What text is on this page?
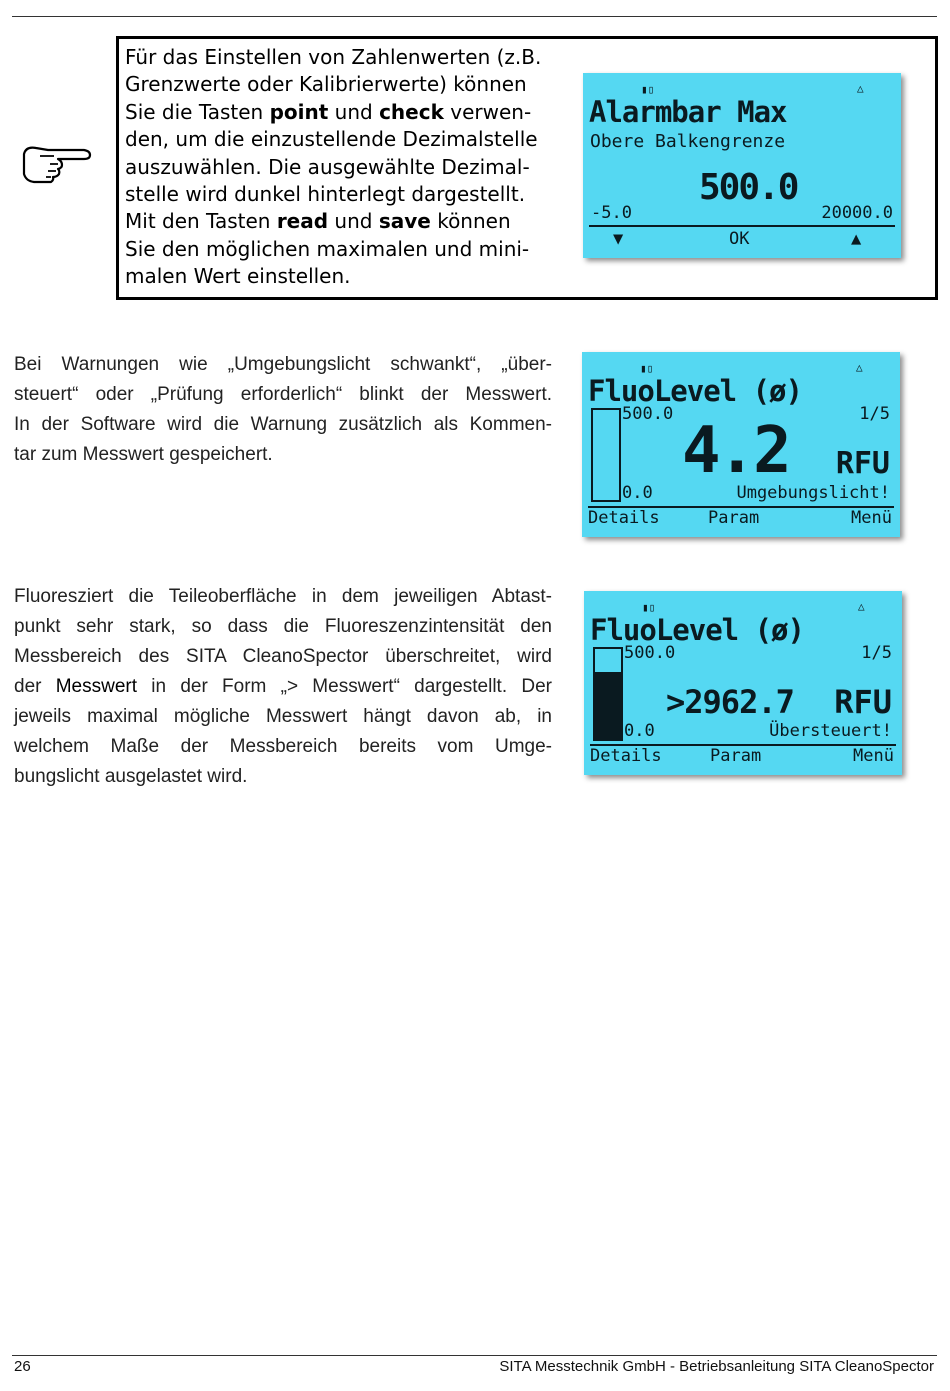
Für das Einstellen von Zahlenwerten (z.B.
Grenzwerte oder Kalibrierwerte) können
Sie die Tasten point und check verwen-
den, um die einzustellende Dezimalstelle
auszuwählen. Die ausgewählte Dezimal-
stelle wird dunkel hinterlegt dargestellt.
Mit den Tasten read und save können
Sie den möglichen maximalen und mini-
malen Wert einstellen.
▮▯	△
Alarmbar Max
Obere Balkengrenze
500.0
-5.0	20000.0
▼	OK	▲
Bei Warnungen wie „Umgebungslicht schwankt“, „über-
steuert“ oder „Prüfung erforderlich“ blinkt der Messwert.
In der Software wird die Warnung zusätzlich als Kommen-
tar zum Messwert gespeichert.
▮▯	△
FluoLevel (ø)
500.0	1/5
4.2 RFU
0.0	Umgebungslicht!
Details	Param	Menü
Fluoresziert die Teileoberfläche in dem jeweiligen Abtast-
punkt sehr stark, so dass die Fluoreszenzintensität den
Messbereich des SITA CleanoSpector überschreitet, wird
der Messwert in der Form „> Messwert“ dargestellt. Der
jeweils maximal mögliche Messwert hängt davon ab, in
welchem Maße der Messbereich bereits vom Umge-
bungslicht ausgelastet wird.
▮▯	△
FluoLevel (ø)
500.0	1/5
>2962.7 RFU
0.0	Übersteuert!
Details	Param	Menü
26	SITA Messtechnik GmbH - Betriebsanleitung SITA CleanoSpector
